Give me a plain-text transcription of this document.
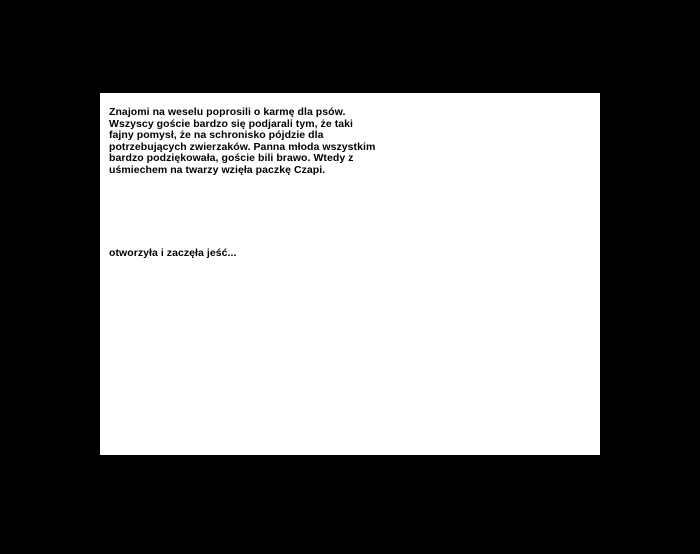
Znajomi na weselu poprosili o karmę dla psów.

Wszyscy goście bardzo się podjarali tym, że taki

fajny pomysł, że na schronisko pójdzie dla

potrzebujących zwierzaków. Panna młoda wszystkim

bardzo podziękowała, goście bili brawo. Wtedy z

uśmiechem na twarzy wzięła paczkę Czapi.

otworzyła i zaczęła jeść...
